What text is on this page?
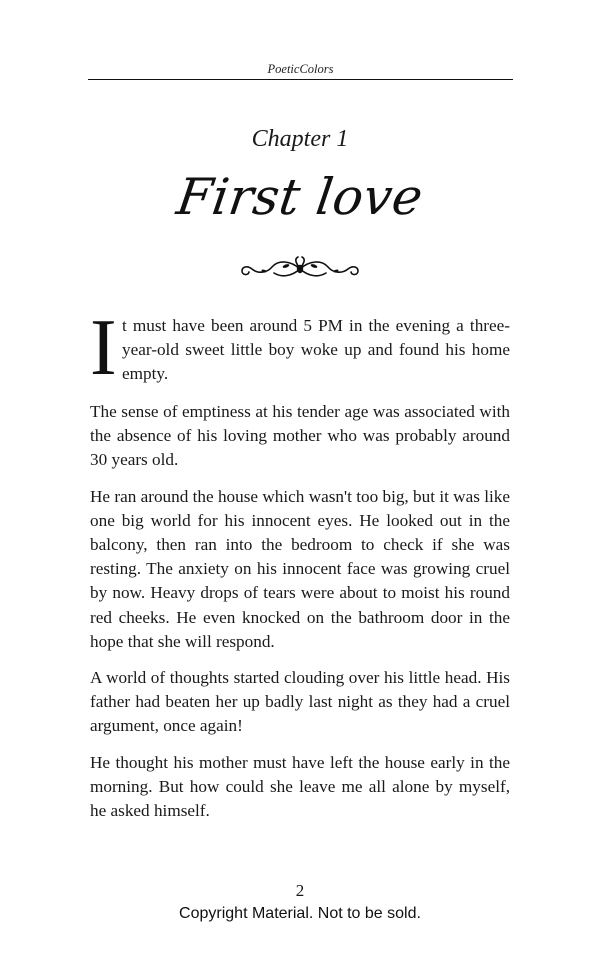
PoeticColors
Chapter 1
First love

I t must have been around 5 PM in the evening a three-year-old sweet little boy woke up and found his home empty.

The sense of emptiness at his tender age was associated with the absence of his loving mother who was probably around 30 years old.

He ran around the house which wasn't too big, but it was like one big world for his innocent eyes. He looked out in the balcony, then ran into the bedroom to check if she was resting. The anxiety on his innocent face was growing cruel by now. Heavy drops of tears were about to moist his round red cheeks. He even knocked on the bathroom door in the hope that she will respond.

A world of thoughts started clouding over his little head. His father had beaten her up badly last night as they had a cruel argument, once again!

He thought his mother must have left the house early in the morning. But how could she leave me all alone by myself, he asked himself.

2
Copyright Material. Not to be sold.
